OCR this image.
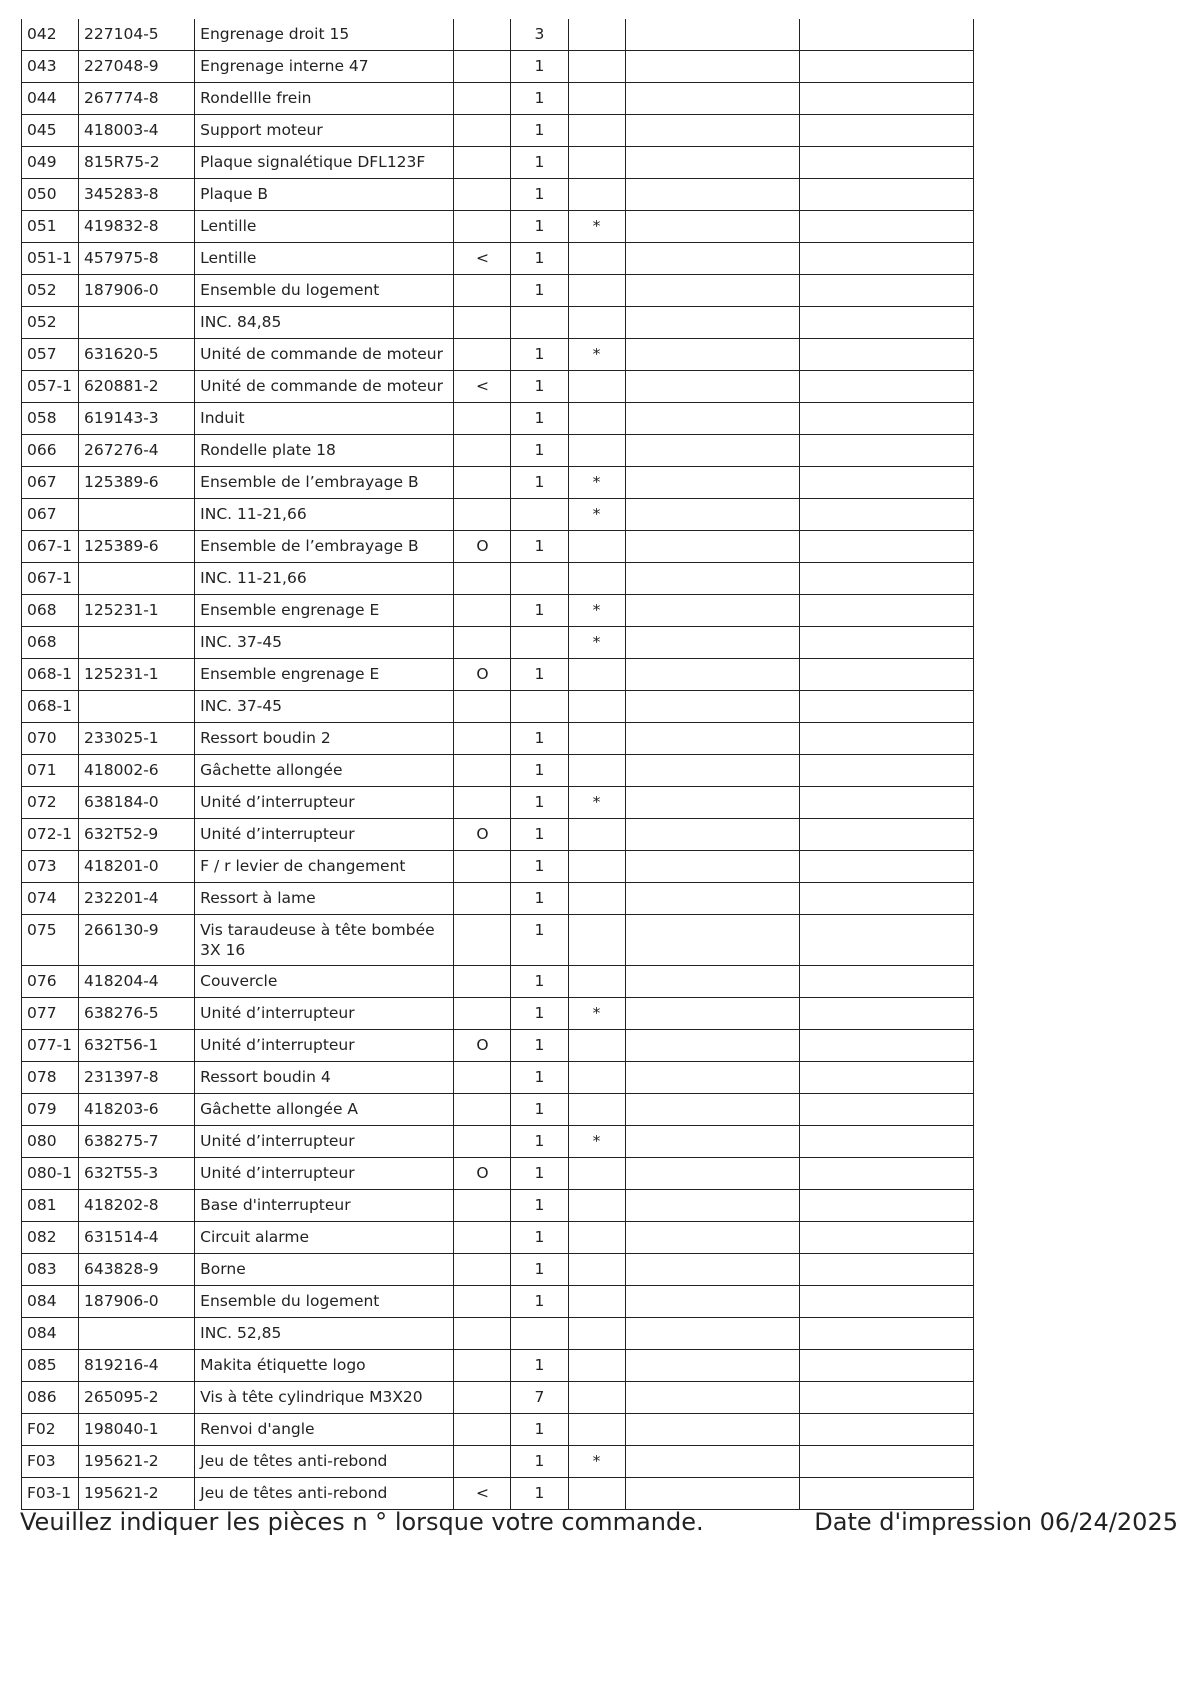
042	227104-5	Engrenage droit 15		3			
043	227048-9	Engrenage interne 47		1			
044	267774-8	Rondellle frein		1			
045	418003-4	Support moteur		1			
049	815R75-2	Plaque signalétique DFL123F		1			
050	345283-8	Plaque B		1			
051	419832-8	Lentille		1	*		
051-1	457975-8	Lentille	<	1			
052	187906-0	Ensemble du logement		1			
052		INC. 84,85					
057	631620-5	Unité de commande de moteur		1	*		
057-1	620881-2	Unité de commande de moteur	<	1			
058	619143-3	Induit		1			
066	267276-4	Rondelle plate 18		1			
067	125389-6	Ensemble de l’embrayage B		1	*		
067		INC. 11-21,66			*		
067-1	125389-6	Ensemble de l’embrayage B	O	1			
067-1		INC. 11-21,66					
068	125231-1	Ensemble engrenage E		1	*		
068		INC. 37-45			*		
068-1	125231-1	Ensemble engrenage E	O	1			
068-1		INC. 37-45					
070	233025-1	Ressort boudin 2		1			
071	418002-6	Gâchette allongée		1			
072	638184-0	Unité d’interrupteur		1	*		
072-1	632T52-9	Unité d’interrupteur	O	1			
073	418201-0	F / r levier de changement		1			
074	232201-4	Ressort à lame		1			
075	266130-9	Vis taraudeuse à tête bombée 3X 16		1			
076	418204-4	Couvercle		1			
077	638276-5	Unité d’interrupteur		1	*		
077-1	632T56-1	Unité d’interrupteur	O	1			
078	231397-8	Ressort boudin 4		1			
079	418203-6	Gâchette allongée A		1			
080	638275-7	Unité d’interrupteur		1	*		
080-1	632T55-3	Unité d’interrupteur	O	1			
081	418202-8	Base d'interrupteur		1			
082	631514-4	Circuit alarme		1			
083	643828-9	Borne		1			
084	187906-0	Ensemble du logement		1			
084		INC. 52,85					
085	819216-4	Makita étiquette logo		1			
086	265095-2	Vis à tête cylindrique M3X20		7			
F02	198040-1	Renvoi d'angle		1			
F03	195621-2	Jeu de têtes anti-rebond		1	*		
F03-1	195621-2	Jeu de têtes anti-rebond	<	1			
Veuillez indiquer les pièces n ° lorsque votre commande.	Date d'impression 06/24/2025
